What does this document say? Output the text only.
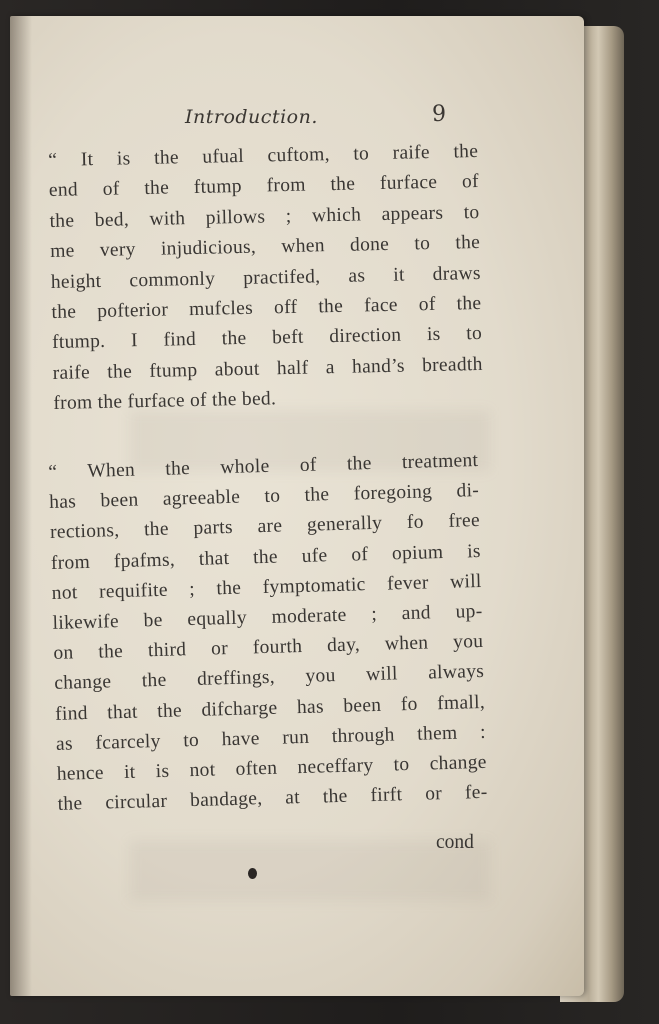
Introduction.	9
“ It is the ufual cuftom, to raife the
end of the ftump from the furface of
the bed, with pillows ; which appears to
me very injudicious, when done to the
height commonly practifed, as it draws
the pofterior mufcles off the face of the
ftump. I find the beft direction is to
raife the ftump about half a hand’s breadth
from the furface of the bed.
“ When the whole of the treatment
has been agreeable to the foregoing di-
rections, the parts are generally fo free
from fpafms, that the ufe of opium is
not requifite ; the fymptomatic fever will
likewife be equally moderate ; and up-
on the third or fourth day, when you
change the dreffings, you will always
find that the difcharge has been fo fmall,
as fcarcely to have run through them :
hence it is not often neceffary to change
the circular bandage, at the firft or fe-
cond
